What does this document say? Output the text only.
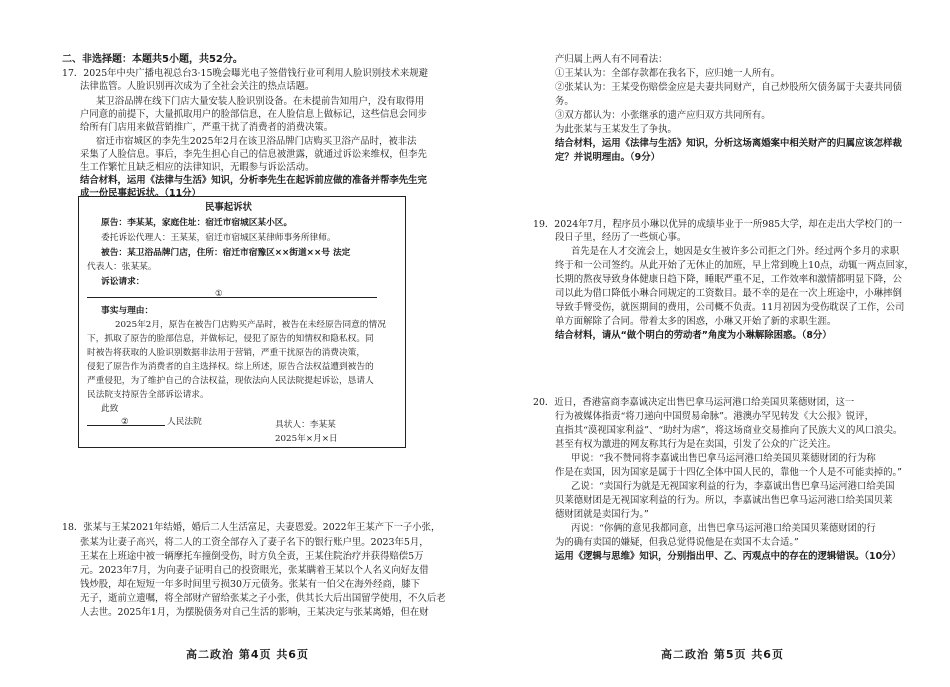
二、非选择题：本题共5小题，共52分。
17．2025年中央广播电视总台3·15晚会曝光电子签借钱行业可利用人脸识别技术来规避
法律监管。人脸识别再次成为了全社会关注的热点话题。
某卫浴品牌在线下门店大量安装人脸识别设备。在未提前告知用户，没有取得用
户同意的前提下，大量抓取用户的脸部信息，在人脸信息上做标记，这些信息会同步
给所有门店用来做营销推广，严重干扰了消费者的消费决策。
宿迁市宿城区的李先生2025年2月在该卫浴品牌门店购买卫浴产品时，被非法
采集了人脸信息。事后，李先生担心自己的信息被泄露，就通过诉讼来维权，但李先
生工作繁忙且缺乏相应的法律知识，无暇参与诉讼活动。
结合材料，运用《法律与生活》知识，分析李先生在起诉前应做的准备并帮李先生完
成一份民事起诉状。（11分）
民事起诉状
原告：李某某，家庭住址：宿迁市宿城区某小区。
委托诉讼代理人：王某某，宿迁市宿城区某律师事务所律师。
被告：某卫浴品牌门店，住所：宿迁市宿豫区××街道××号 法定
代表人：张某某。
诉讼请求：
①
事实与理由：
2025年2月，原告在被告门店购买产品时，被告在未经原告同意的情况
下，抓取了原告的脸部信息，并做标记，侵犯了原告的知情权和隐私权。同
时被告将获取的人脸识别数据非法用于营销，严重干扰原告的消费决策，
侵犯了原告作为消费者的自主选择权。综上所述，原告合法权益遭到被告的
严重侵犯，为了维护自己的合法权益，现依法向人民法院提起诉讼，恳请人
民法院支持原告全部诉讼请求。
此致
②	人民法院	具状人：李某某
2025年×月×日
18．张某与王某2021年结婚，婚后二人生活富足，夫妻恩爱。2022年王某产下一子小张，
张某为让妻子高兴，将二人的工资全部存入了妻子名下的银行账户里。2023年5月，
王某在上班途中被一辆摩托车撞倒受伤，时方负全责，王某住院治疗并获得赔偿5万
元。2023年7月，为向妻子证明自己的投资眼光，张某瞒着王某以个人名义向好友借
钱炒股，却在短短一年多时间里亏损30万元债务。张某有一伯父在海外经商，膝下
无子，逝前立遗嘱，将全部财产留给张某之子小张，供其长大后出国留学使用，不久后老
人去世。2025年1月，为摆脱债务对自己生活的影响，王某决定与张某离婚，但在财
高二政治 第4页 共6页
产归属上两人有不同看法：
①王某认为：全部存款都在我名下，应归她一人所有。
②张某认为：王某受伤赔偿金应是夫妻共同财产，自己炒股所欠债务属于夫妻共同债
务。
③双方都认为：小张继承的遗产应归双方共同所有。
为此张某与王某发生了争执。
结合材料，运用《法律与生活》知识，分析这场离婚案中相关财产的归属应该怎样裁
定？并说明理由。（9分）
19．2024年7月，程序员小琳以优异的成绩毕业于一所985大学，却在走出大学校门的一
段日子里，经历了一些烦心事。
首先是在人才交流会上，她因是女生被许多公司拒之门外。经过两个多月的求职
终于和一公司签约。从此开始了无休止的加班，早上常到晚上10点，动辄一两点回家，
长期的熬夜导致身体健康日趋下降，睡眠严重不足，工作效率和激情都明显下降，公
司以此为借口降低小琳合同规定的工资数目。最不幸的是在一次上班途中，小琳摔倒
导致手臂受伤，就医期间的费用，公司概不负责。11月初因为受伤耽误了工作，公司
单方面解除了合同。带着太多的困惑，小琳又开始了新的求职生涯。
结合材料，请从“做个明白的劳动者”角度为小琳解除困惑。（8分）
20．近日，香港富商李嘉诚决定出售巴拿马运河港口给美国贝莱德财团，这一
行为被媒体指责“将刀递向中国贸易命脉”。港澳办罕见转发《大公报》锐评，
直指其“漠视国家利益”、“助纣为虐”，将这场商业交易推向了民族大义的风口浪尖。
甚至有权为激进的网友称其行为是在卖国，引发了公众的广泛关注。
甲说：“我不赞同将李嘉诚出售巴拿马运河港口给美国贝莱德财团的行为称
作是在卖国，因为国家是属于十四亿全体中国人民的，靠他一个人是不可能卖掉的。”
乙说：“卖国行为就是无视国家利益的行为，李嘉诚出售巴拿马运河港口给美国
贝莱德财团是无视国家利益的行为。所以，李嘉诚出售巴拿马运河港口给美国贝莱
德财团就是卖国行为。”
丙说：“你俩的意见我都同意，出售巴拿马运河港口给美国贝莱德财团的行
为的确有卖国的嫌疑，但我总觉得说他是在卖国不太合适。”
运用《逻辑与思维》知识，分别指出甲、乙、丙观点中的存在的逻辑错误。（10分）
高二政治 第5页 共6页
